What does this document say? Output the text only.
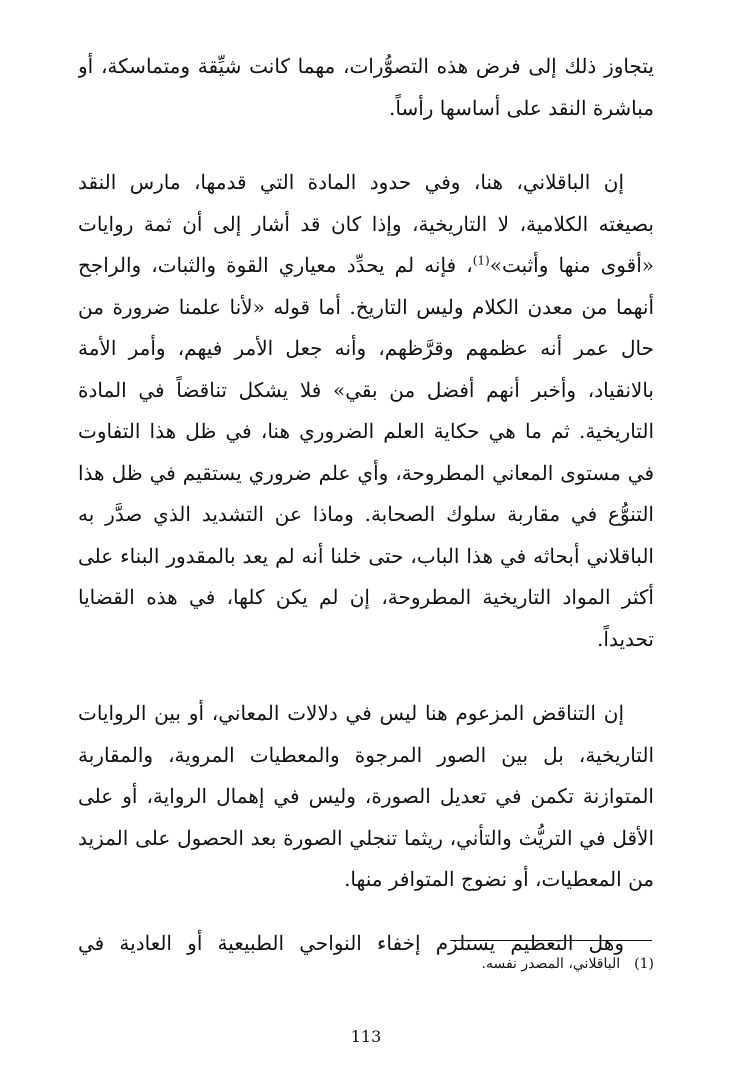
يتجاوز ذلك إلى فرض هذه التصوُّرات، مهما كانت شيِّقة ومتماسكة، أو
مباشرة النقد على أساسها رأساً.
إن الباقلاني، هنا، وفي حدود المادة التي قدمها، مارس النقد
بصيغته الكلامية، لا التاريخية، وإذا كان قد أشار إلى أن ثمة روايات
«أقوى منها وأثبت»$^{(1)}$، فإنه لم يحدِّد معياري القوة والثبات، والراجح
أنهما من معدن الكلام وليس التاريخ. أما قوله «لأنا علمنا ضرورة من
حال عمر أنه عظمهم وقرَّظهم، وأنه جعل الأمر فيهم، وأمر الأمة
بالانقياد، وأخبر أنهم أفضل من بقي» فلا يشكل تناقضاً في المادة
التاريخية. ثم ما هي حكاية العلم الضروري هنا، في ظل هذا التفاوت
في مستوى المعاني المطروحة، وأي علم ضروري يستقيم في ظل هذا
التنوُّع في مقاربة سلوك الصحابة. وماذا عن التشديد الذي صدَّر به
الباقلاني أبحاثه في هذا الباب، حتى خلنا أنه لم يعد بالمقدور البناء على
أكثر المواد التاريخية المطروحة، إن لم يكن كلها، في هذه القضايا
تحديداً.
إن التناقض المزعوم هنا ليس في دلالات المعاني، أو بين الروايات
التاريخية، بل بين الصور المرجوة والمعطيات المروية، والمقاربة
المتوازنة تكمن في تعديل الصورة، وليس في إهمال الرواية، أو على
الأقل في التريُّث والتأني، ريثما تنجلي الصورة بعد الحصول على المزيد
من المعطيات، أو نضوج المتوافر منها.
وهل التعظيم يستلزم إخفاء النواحي الطبيعية أو العادية في
(1)الباقلاني، المصدر نفسه.
113
